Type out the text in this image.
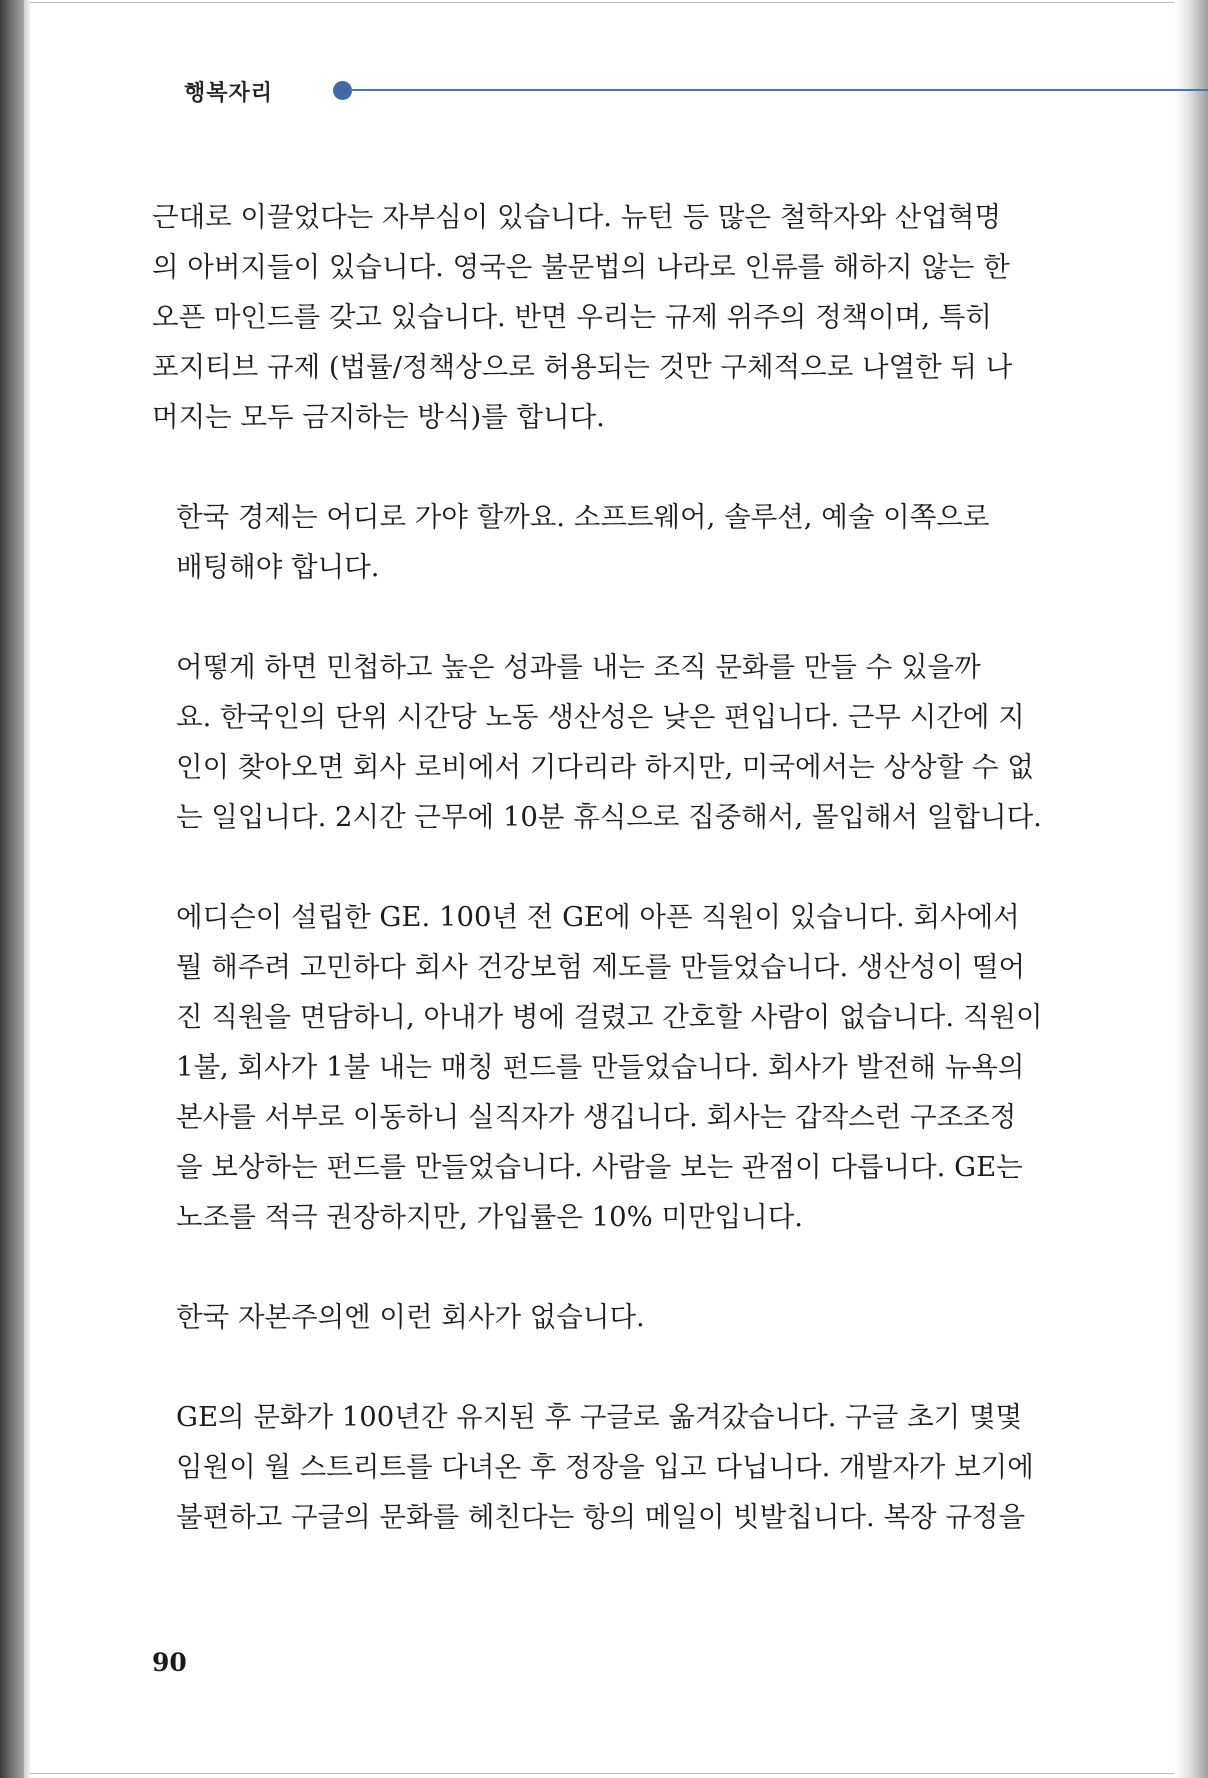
행복자리

근대로 이끌었다는 자부심이 있습니다. 뉴턴 등 많은 철학자와 산업혁명
의 아버지들이 있습니다. 영국은 불문법의 나라로 인류를 해하지 않는 한
오픈 마인드를 갖고 있습니다. 반면 우리는 규제 위주의 정책이며, 특히
포지티브 규제 (법률/정책상으로 허용되는 것만 구체적으로 나열한 뒤 나
머지는 모두 금지하는 방식)를 합니다.

한국 경제는 어디로 가야 할까요. 소프트웨어, 솔루션, 예술 이쪽으로
배팅해야 합니다.

어떻게 하면 민첩하고 높은 성과를 내는 조직 문화를 만들 수 있을까
요. 한국인의 단위 시간당 노동 생산성은 낮은 편입니다. 근무 시간에 지
인이 찾아오면 회사 로비에서 기다리라 하지만, 미국에서는 상상할 수 없
는 일입니다. 2시간 근무에 10분 휴식으로 집중해서, 몰입해서 일합니다.

에디슨이 설립한 GE. 100년 전 GE에 아픈 직원이 있습니다. 회사에서
뭘 해주려 고민하다 회사 건강보험 제도를 만들었습니다. 생산성이 떨어
진 직원을 면담하니, 아내가 병에 걸렸고 간호할 사람이 없습니다. 직원이
1불, 회사가 1불 내는 매칭 펀드를 만들었습니다. 회사가 발전해 뉴욕의
본사를 서부로 이동하니 실직자가 생깁니다. 회사는 갑작스런 구조조정
을 보상하는 펀드를 만들었습니다. 사람을 보는 관점이 다릅니다. GE는
노조를 적극 권장하지만, 가입률은 10% 미만입니다.

한국 자본주의엔 이런 회사가 없습니다.

GE의 문화가 100년간 유지된 후 구글로 옮겨갔습니다. 구글 초기 몇몇
임원이 월 스트리트를 다녀온 후 정장을 입고 다닙니다. 개발자가 보기에
불편하고 구글의 문화를 헤친다는 항의 메일이 빗발칩니다. 복장 규정을

90
